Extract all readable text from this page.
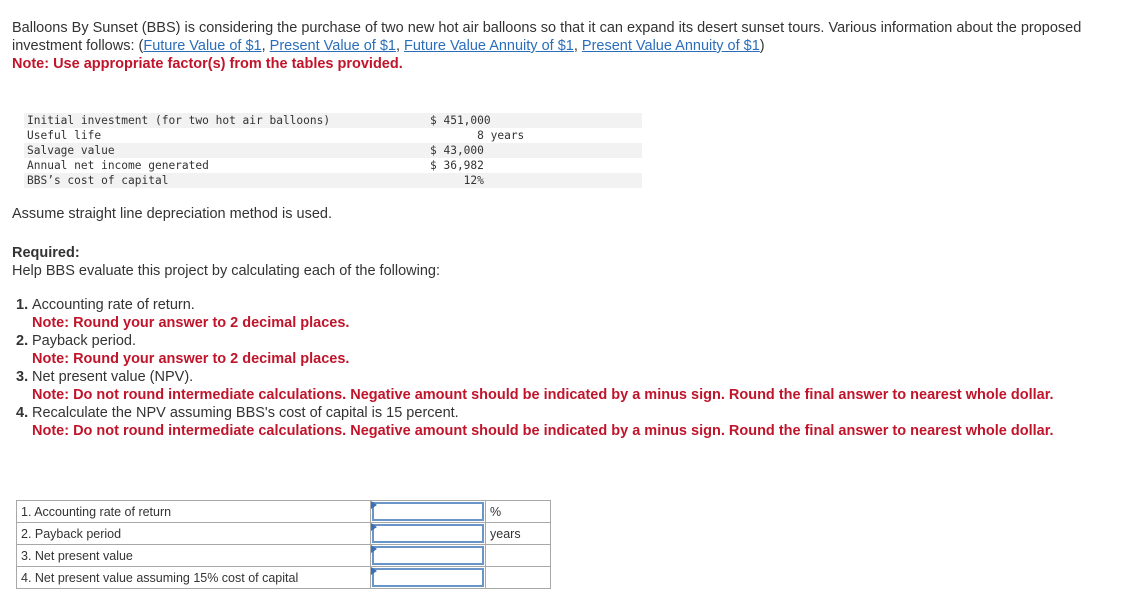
Balloons By Sunset (BBS) is considering the purchase of two new hot air balloons so that it can expand its desert sunset tours. Various information about the proposed investment follows: (Future Value of $1, Present Value of $1, Future Value Annuity of $1, Present Value Annuity of $1)

Note: Use appropriate factor(s) from the tables provided.
Initial investment (for two hot air balloons)	$ 451,000	
Useful life	8 years	
Salvage value	$ 43,000	
Annual net income generated	$ 36,982	
BBS’s cost of capital	12%	
Assume straight line depreciation method is used.
Required:
Help BBS evaluate this project by calculating each of the following:
1. Accounting rate of return.
Note: Round your answer to 2 decimal places.
2. Payback period.
Note: Round your answer to 2 decimal places.
3. Net present value (NPV).
Note: Do not round intermediate calculations. Negative amount should be indicated by a minus sign. Round the final answer to nearest whole dollar.
4. Recalculate the NPV assuming BBS's cost of capital is 15 percent.
Note: Do not round intermediate calculations. Negative amount should be indicated by a minus sign. Round the final answer to nearest whole dollar.
1. Accounting rate of return		%
2. Payback period		years
3. Net present value	

4. Net present value assuming 15% cost of capital	
